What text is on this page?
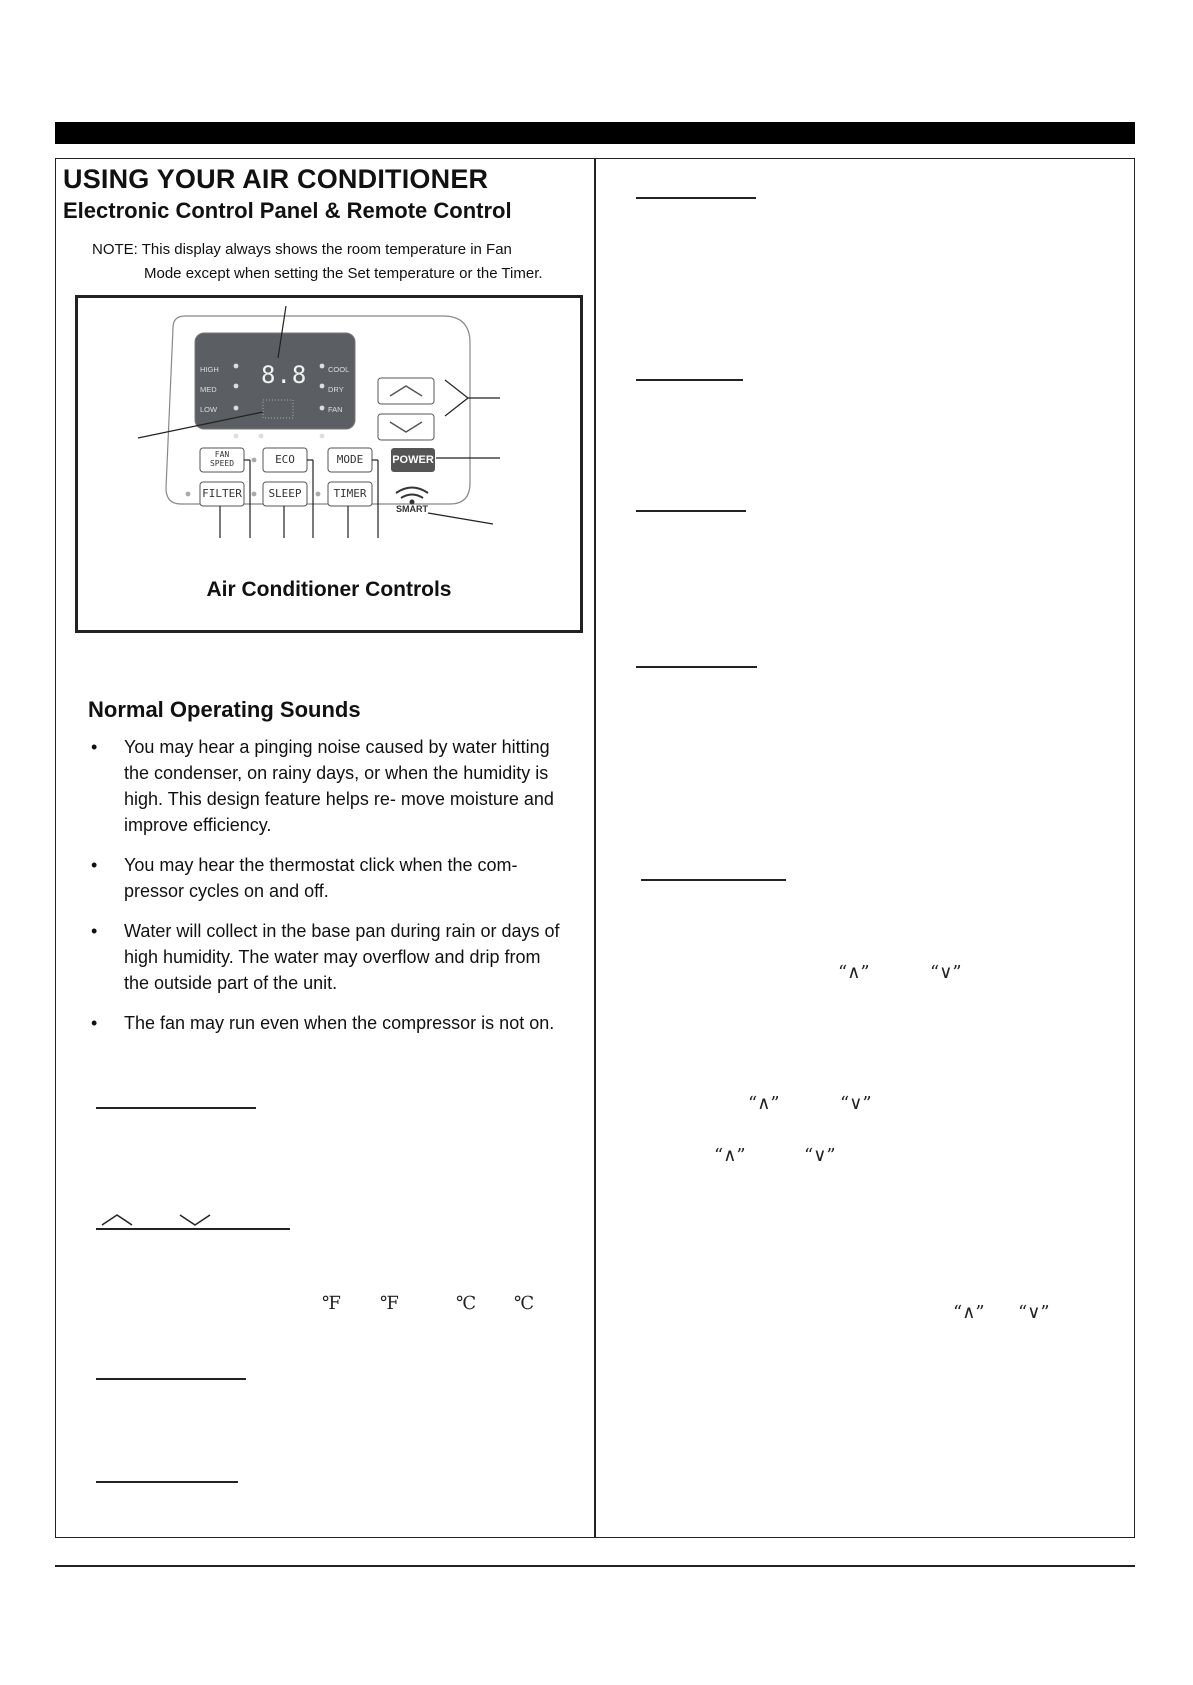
USING YOUR AIR CONDITIONER
Electronic Control Panel & Remote Control
NOTE: This display always shows the room temperature in Fan
Mode except when setting the Set temperature or the Timer.
8.8
HIGH
MED
LOW
COOL
DRY
FAN
FAN
SPEED	ECO	MODE	POWER
FILTER	SLEEP	TIMER
SMART
Air Conditioner Controls
Normal Operating Sounds
• You may hear a pinging noise caused by water hitting the condenser, on rainy days, or when the humidity is high. This design feature helps re- move moisture and improve efficiency.
• You may hear the thermostat click when the com- pressor cycles on and off.
• Water will collect in the base pan during rain or days of high humidity. The water may overflow and drip from the outside part of the unit.
• The fan may run even when the compressor is not on.
℉ ℉	℃ ℃
“∧”	“∨”
“∧”	“∨”
“∧”	“∨”
“∧” “∨”
